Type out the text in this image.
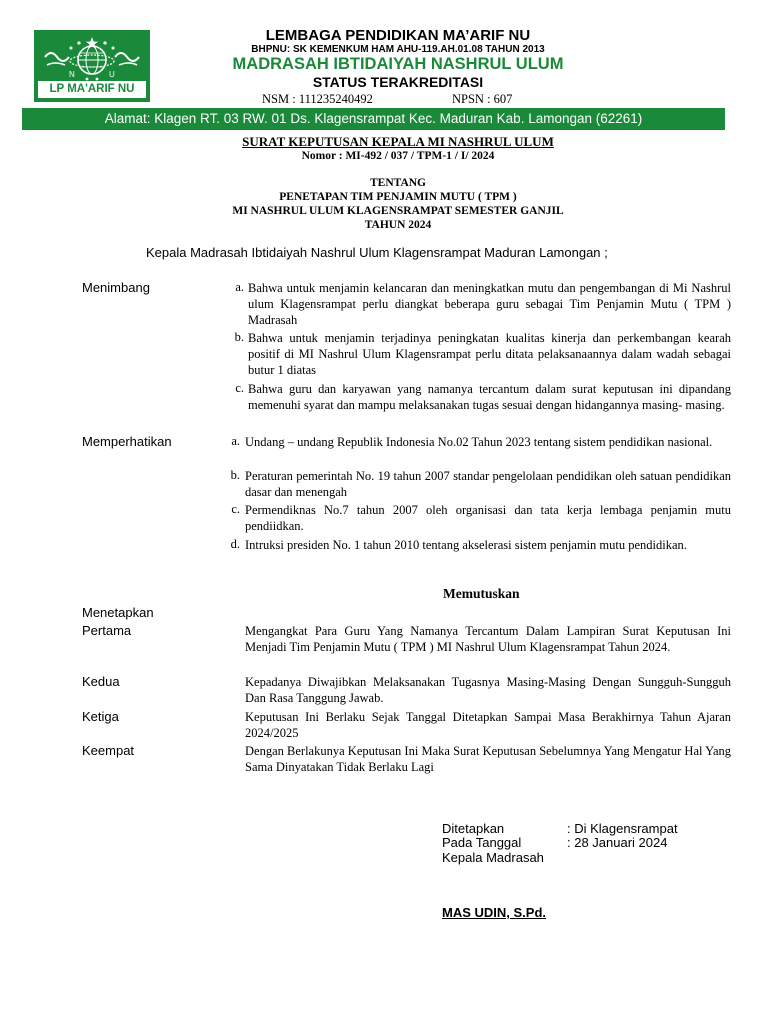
N	U
LP MA'ARIF NU
LEMBAGA PENDIDIKAN MA’ARIF NU
BHPNU: SK KEMENKUM HAM AHU-119.AH.01.08 TAHUN 2013
MADRASAH IBTIDAIYAH NASHRUL ULUM
STATUS TERAKREDITASI
NSM : 111235240492	NPSN : 607
Alamat: Klagen RT. 03 RW. 01 Ds. Klagensrampat Kec. Maduran Kab. Lamongan (62261)
SURAT KEPUTUSAN KEPALA MI NASHRUL ULUM
Nomor : MI-492 / 037 / TPM-1 / I/ 2024
TENTANG
PENETAPAN TIM PENJAMIN MUTU ( TPM )
MI NASHRUL ULUM KLAGENSRAMPAT SEMESTER GANJIL
TAHUN 2024
Kepala Madrasah Ibtidaiyah Nashrul Ulum Klagensrampat Maduran Lamongan ;
Menimbang	a. Bahwa untuk menjamin kelancaran dan meningkatkan mutu dan pengembangan di Mi Nashrul ulum Klagensrampat perlu diangkat beberapa guru sebagai Tim Penjamin Mutu ( TPM ) Madrasah
b. Bahwa untuk menjamin terjadinya peningkatan kualitas kinerja dan perkembangan kearah positif di MI Nashrul Ulum Klagensrampat perlu ditata pelaksanaannya dalam wadah sebagai butur 1 diatas
c. Bahwa guru dan karyawan yang namanya tercantum dalam surat keputusan ini dipandang memenuhi syarat dan mampu melaksanakan tugas sesuai dengan hidangannya masing- masing.
Memperhatikan	a. Undang – undang Republik Indonesia No.02 Tahun 2023 tentang sistem pendidikan nasional.
b. Peraturan pemerintah No. 19 tahun 2007 standar pengelolaan pendidikan oleh satuan pendidikan dasar dan menengah
c. Permendiknas No.7 tahun 2007 oleh organisasi dan tata kerja lembaga penjamin mutu pendiidkan.
d. Intruksi presiden No. 1 tahun 2010 tentang akselerasi sistem penjamin mutu pendidikan.
Memutuskan
Menetapkan
Pertama	Mengangkat Para Guru Yang Namanya Tercantum Dalam Lampiran Surat Keputusan Ini Menjadi Tim Penjamin Mutu ( TPM ) MI Nashrul Ulum Klagensrampat Tahun 2024.
Kedua	Kepadanya Diwajibkan Melaksanakan Tugasnya Masing-Masing Dengan Sungguh-Sungguh Dan Rasa Tanggung Jawab.
Ketiga	Keputusan Ini Berlaku Sejak Tanggal Ditetapkan Sampai Masa Berakhirnya Tahun Ajaran 2024/2025
Keempat	Dengan Berlakunya Keputusan Ini Maka Surat Keputusan Sebelumnya Yang Mengatur Hal Yang Sama Dinyatakan Tidak Berlaku Lagi
Ditetapkan	: Di Klagensrampat
Pada Tanggal	: 28 Januari 2024
Kepala Madrasah
MAS UDIN, S.Pd.
